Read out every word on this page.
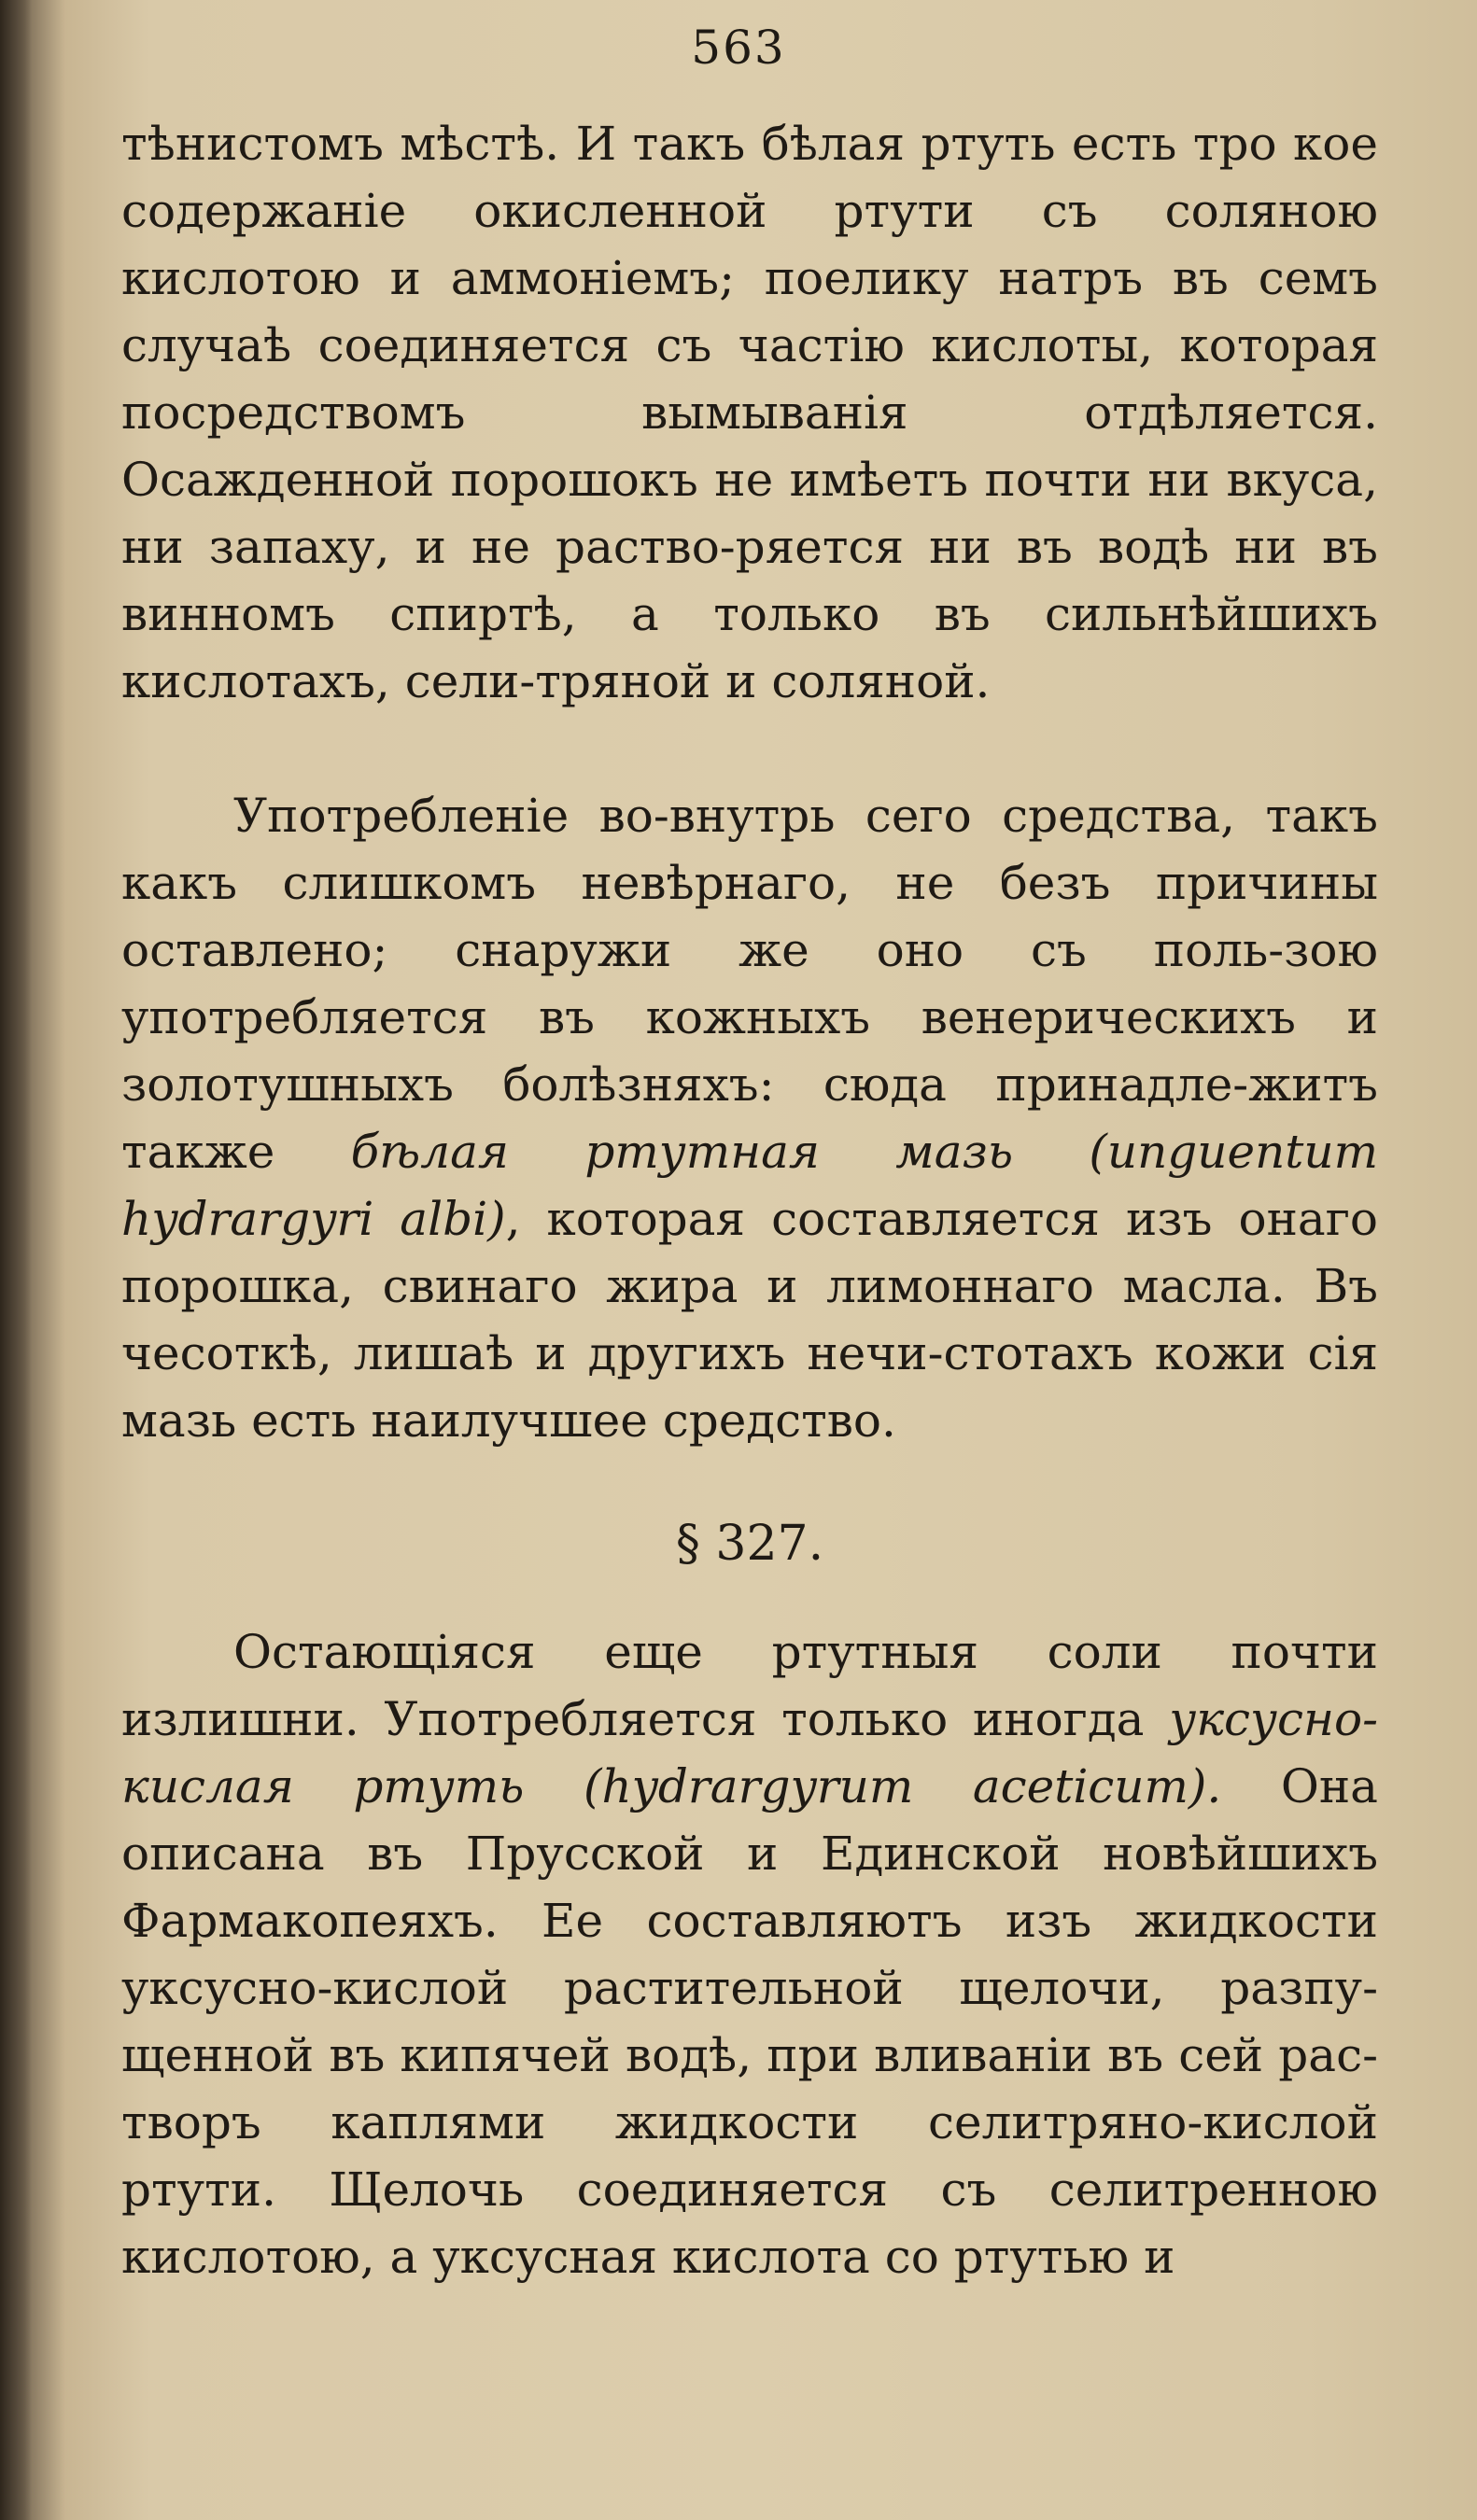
563

тѣнистомъ мѣстѣ. И такъ бѣлая ртуть есть тро кое содержаніе окисленной ртути съ соляною кислотою и аммоніемъ; поелику натръ въ семъ случаѣ соединяется съ частію кислоты, которая посредствомъ вымыванія отдѣляется. Осажденной порошокъ не имѣетъ почти ни вкуса, ни запаху, и не раство-ряется ни въ водѣ ни въ винномъ спиртѣ, а только въ сильнѣйшихъ кислотахъ, сели-тряной и соляной.

Употребленіе во-внутрь сего средства, такъ какъ слишкомъ невѣрнаго, не безъ причины оставлено; снаружи же оно съ поль-зою употребляется въ кожныхъ венерическихъ и золотушныхъ болѣзняхъ: сюда принадле-житъ также бѣлая ртутная мазь (unguentum hydrargyri albi), которая составляется изъ онаго порошка, свинаго жира и лимоннаго масла. Въ чесоткѣ, лишаѣ и другихъ нечи-стотахъ кожи сія мазь есть наилучшее средство.

§ 327.

Остающіяся еще ртутныя соли почти излишни. Употребляется только иногда уксусно-кислая ртуть (hydrargyrum aceticum). Она описана въ Прусской и Единской новѣйшихъ Фармакопеяхъ. Ее составляютъ изъ жидкости уксусно-кислой растительной щелочи, разпу-щенной въ кипячей водѣ, при вливаніи въ сей рас-творъ каплями жидкости селитряно-кислой ртути. Щелочь соединяется съ селитренною кислотою, а уксусная кислота со ртутью и
